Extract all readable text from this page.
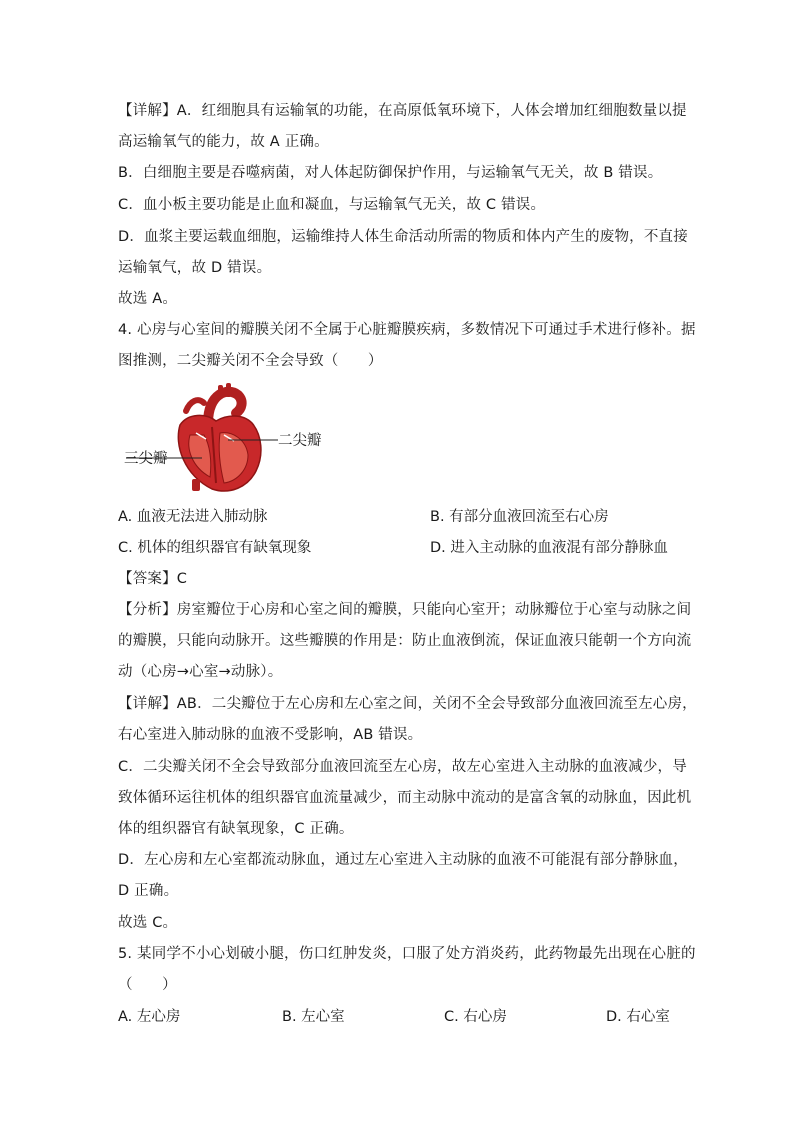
【详解】A．红细胞具有运输氧的功能，在高原低氧环境下，人体会增加红细胞数量以提
高运输氧气的能力，故 A 正确。
B．白细胞主要是吞噬病菌，对人体起防御保护作用，与运输氧气无关，故 B 错误。
C．血小板主要功能是止血和凝血，与运输氧气无关，故 C 错误。
D．血浆主要运载血细胞，运输维持人体生命活动所需的物质和体内产生的废物，不直接
运输氧气，故 D 错误。
故选 A。
4. 心房与心室间的瓣膜关闭不全属于心脏瓣膜疾病，多数情况下可通过手术进行修补。据
图推测，二尖瓣关闭不全会导致（　　）
三尖瓣
二尖瓣
A. 血液无法进入肺动脉	B. 有部分血液回流至右心房
C. 机体的组织器官有缺氧现象	D. 进入主动脉的血液混有部分静脉血
【答案】C
【分析】房室瓣位于心房和心室之间的瓣膜，只能向心室开；动脉瓣位于心室与动脉之间
的瓣膜，只能向动脉开。这些瓣膜的作用是：防止血液倒流，保证血液只能朝一个方向流
动（心房→心室→动脉）。
【详解】AB．二尖瓣位于左心房和左心室之间，关闭不全会导致部分血液回流至左心房，
右心室进入肺动脉的血液不受影响，AB 错误。
C．二尖瓣关闭不全会导致部分血液回流至左心房，故左心室进入主动脉的血液减少，导
致体循环运往机体的组织器官血流量减少，而主动脉中流动的是富含氧的动脉血，因此机
体的组织器官有缺氧现象，C 正确。
D．左心房和左心室都流动脉血，通过左心室进入主动脉的血液不可能混有部分静脉血，
D 正确。
故选 C。
5. 某同学不小心划破小腿，伤口红肿发炎，口服了处方消炎药，此药物最先出现在心脏的
（　　）
A. 左心房	B. 左心室	C. 右心房	D. 右心室
